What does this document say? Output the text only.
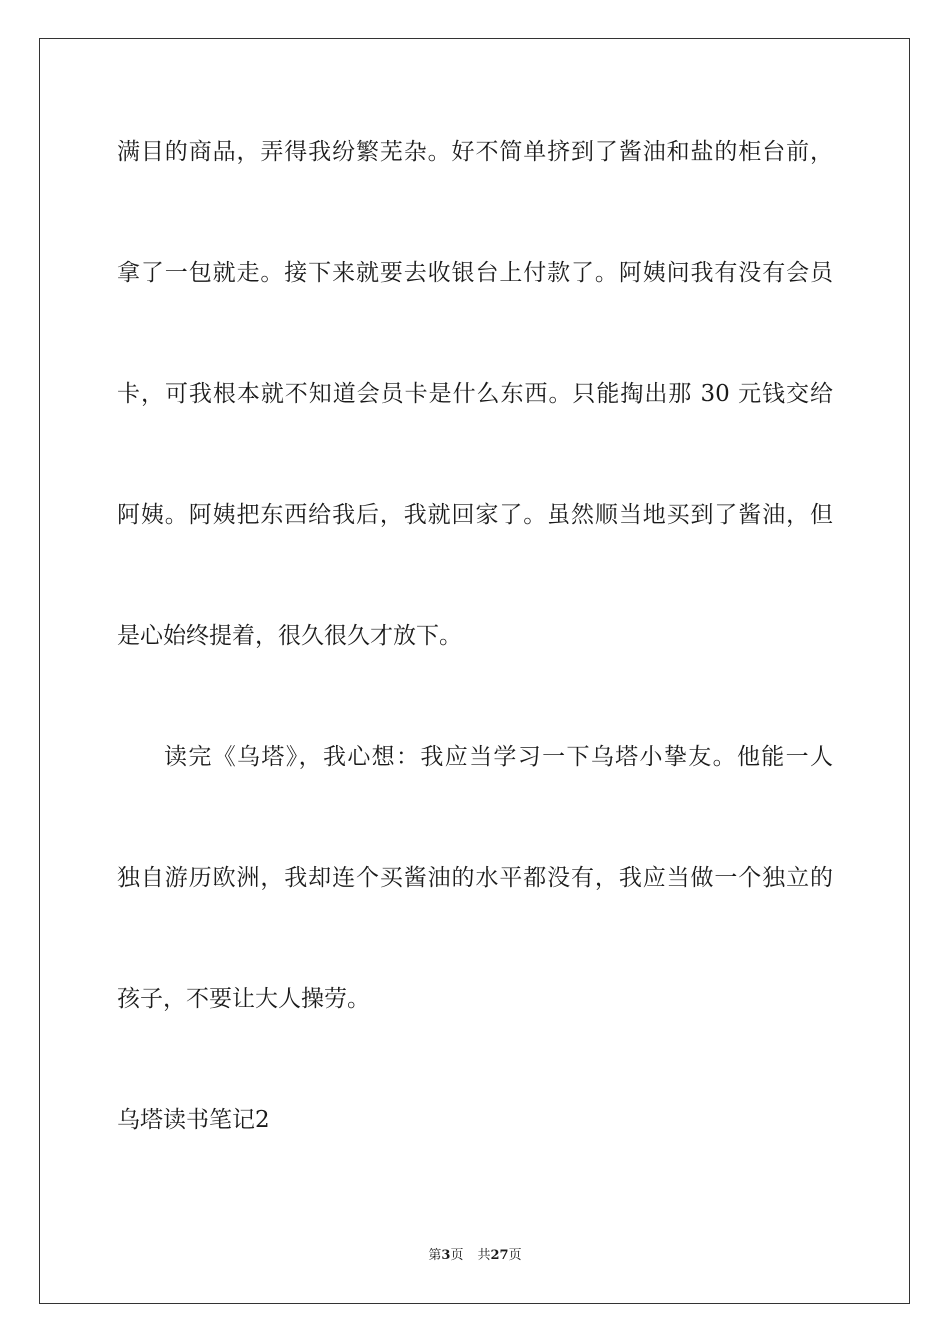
满目的商品，弄得我纷繁芜杂。好不简单挤到了酱油和盐的柜台前，
拿了一包就走。接下来就要去收银台上付款了。阿姨问我有没有会员
卡，可我根本就不知道会员卡是什么东西。只能掏出那 30 元钱交给
阿姨。阿姨把东西给我后，我就回家了。虽然顺当地买到了酱油，但
是心始终提着，很久很久才放下。
读完《乌塔》，我心想：我应当学习一下乌塔小挚友。他能一人
独自游历欧洲，我却连个买酱油的水平都没有，我应当做一个独立的
孩子，不要让大人操劳。
乌塔读书笔记2
第3页 共27页
